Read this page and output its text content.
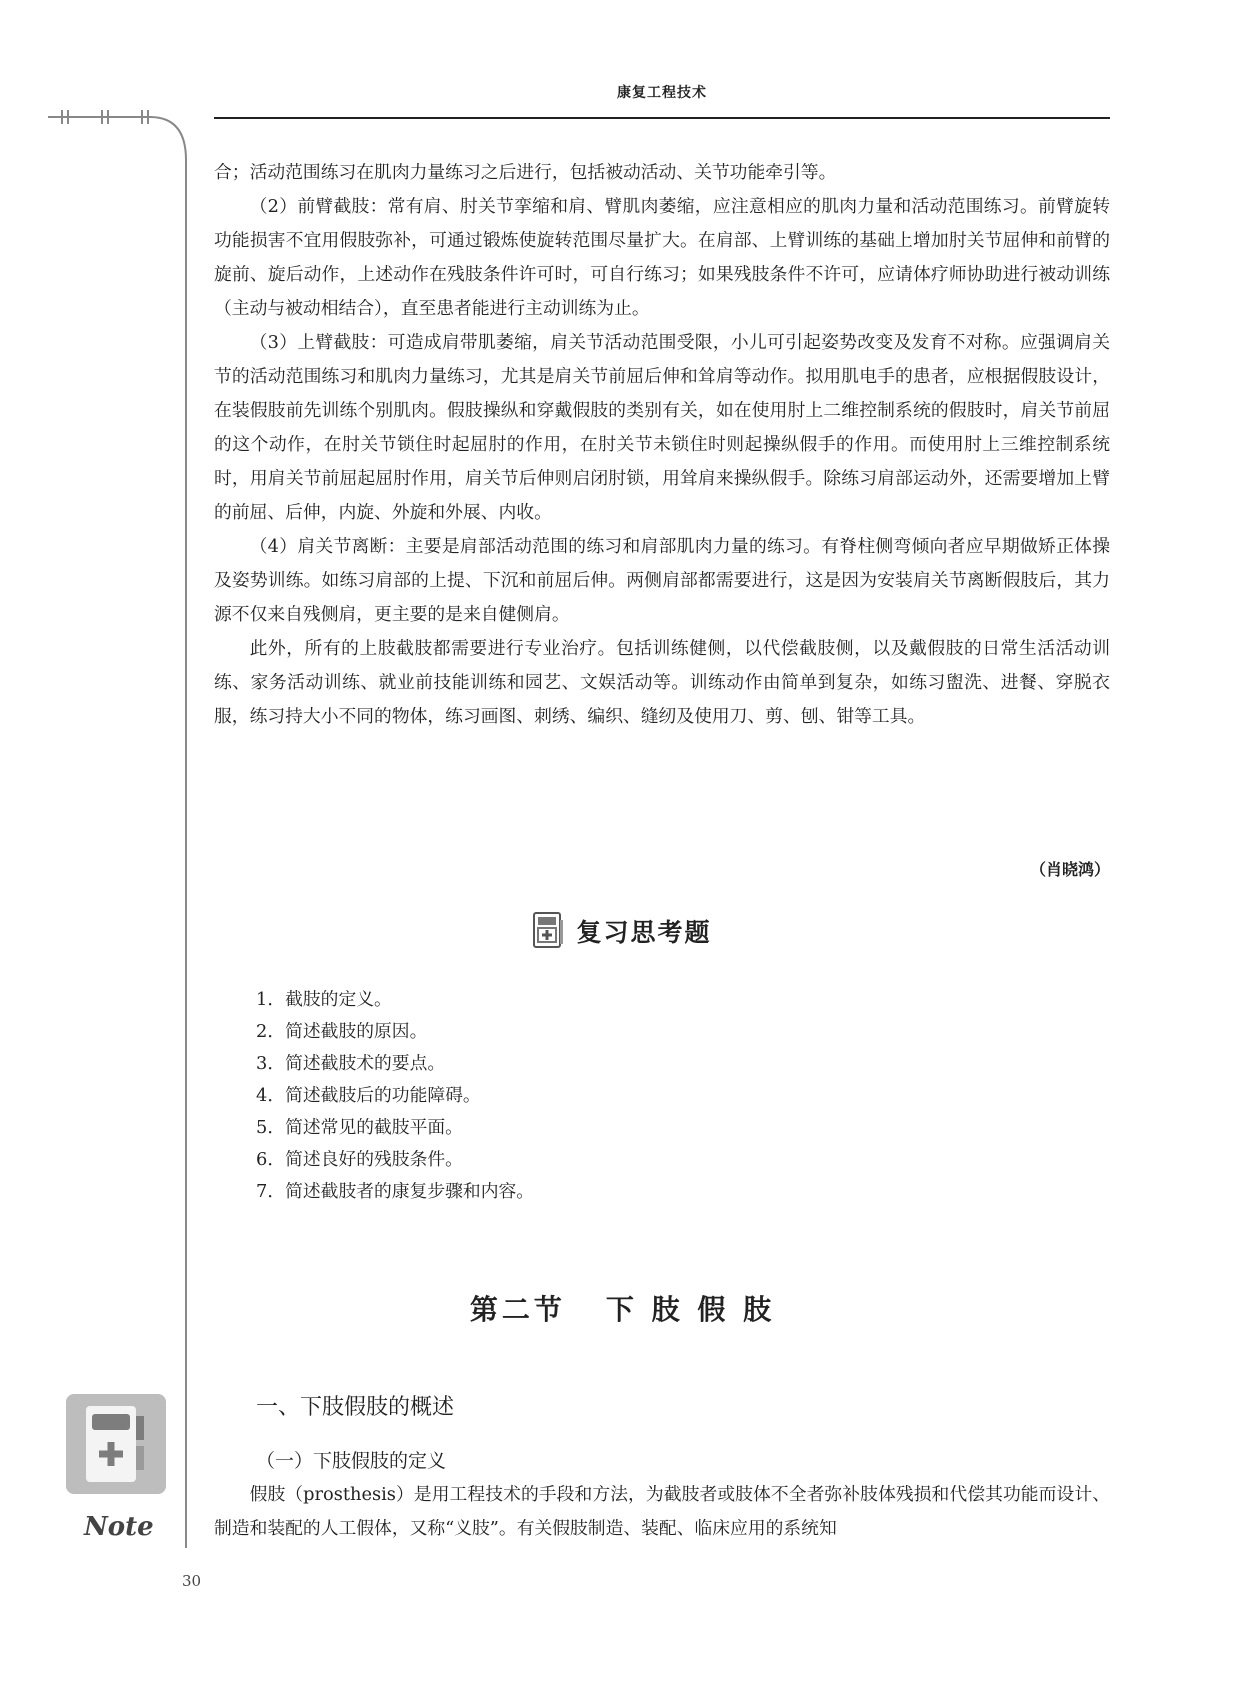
康复工程技术

合；活动范围练习在肌肉力量练习之后进行，包括被动活动、关节功能牵引等。

（2）前臂截肢：常有肩、肘关节挛缩和肩、臂肌肉萎缩，应注意相应的肌肉力量和活动范围练习。前臂旋转功能损害不宜用假肢弥补，可通过锻炼使旋转范围尽量扩大。在肩部、上臂训练的基础上增加肘关节屈伸和前臂的旋前、旋后动作，上述动作在残肢条件许可时，可自行练习；如果残肢条件不许可，应请体疗师协助进行被动训练（主动与被动相结合），直至患者能进行主动训练为止。

（3）上臂截肢：可造成肩带肌萎缩，肩关节活动范围受限，小儿可引起姿势改变及发育不对称。应强调肩关节的活动范围练习和肌肉力量练习，尤其是肩关节前屈后伸和耸肩等动作。拟用肌电手的患者，应根据假肢设计，在装假肢前先训练个别肌肉。假肢操纵和穿戴假肢的类别有关，如在使用肘上二维控制系统的假肢时，肩关节前屈的这个动作，在肘关节锁住时起屈肘的作用，在肘关节未锁住时则起操纵假手的作用。而使用肘上三维控制系统时，用肩关节前屈起屈肘作用，肩关节后伸则启闭肘锁，用耸肩来操纵假手。除练习肩部运动外，还需要增加上臂的前屈、后伸，内旋、外旋和外展、内收。

（4）肩关节离断：主要是肩部活动范围的练习和肩部肌肉力量的练习。有脊柱侧弯倾向者应早期做矫正体操及姿势训练。如练习肩部的上提、下沉和前屈后伸。两侧肩部都需要进行，这是因为安装肩关节离断假肢后，其力源不仅来自残侧肩，更主要的是来自健侧肩。

此外，所有的上肢截肢都需要进行专业治疗。包括训练健侧，以代偿截肢侧，以及戴假肢的日常生活活动训练、家务活动训练、就业前技能训练和园艺、文娱活动等。训练动作由简单到复杂，如练习盥洗、进餐、穿脱衣服，练习持大小不同的物体，练习画图、刺绣、编织、缝纫及使用刀、剪、刨、钳等工具。

（肖晓鸿）
复习思考题
1．截肢的定义。
2．简述截肢的原因。
3．简述截肢术的要点。
4．简述截肢后的功能障碍。
5．简述常见的截肢平面。
6．简述良好的残肢条件。
7．简述截肢者的康复步骤和内容。
第二节 下 肢 假 肢
一、下肢假肢的概述
（一）下肢假肢的定义

假肢（prosthesis）是用工程技术的手段和方法，为截肢者或肢体不全者弥补肢体残损和代偿其功能而设计、制造和装配的人工假体，又称“义肢”。有关假肢制造、装配、临床应用的系统知

Note
30
